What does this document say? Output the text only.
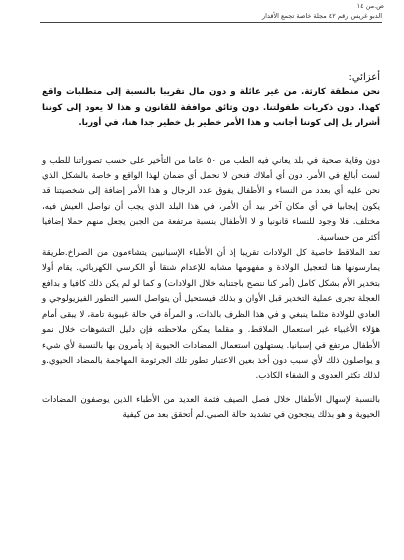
ص.من ١٤
الدبو غريس رقم ٤٢ مجلة خاصة تجمع الأقدار

أعزائي:

نحن منطقة كارثة. من غير عائلة و دون مال تقريبا بالنسبة إلى متطلبات واقع كهذا. دون ذكريات طفولتنا. دون وثائق موافقة للقانون و هذا لا يعود إلى كوننا أشرار بل إلى كوننا أجانب و هذا الأمر خطير بل خطير جدا هنا، في أوربا.

دون وقاية صحية في بلد يعاني فيه الطب من ٥٠ عاما من التأخير على حسب تصوراتنا للطب و لست أبالغ في الأمر. دون أي أملاك فنحن لا نحمل أي ضمان لهذا الواقع و خاصة بالشكل الذي نحن عليه أي بعدد من النساء و الأطفال يفوق عدد الرجال و هذا الأمر إضافة إلى شخصيتنا قد يكون إيجابيا في أي مكان آخر بيد أن الأمر، في هذا البلد الذي يجب أن نواصل العيش فيه، مختلف. فلا وجود للنساء قانونيا و لا الأطفال بنسبة مرتفعة من الجبن يجعل منهم حملا إضافيا أكثر من حساسية.

تعد الملاقط خاصية كل الولادات تقريبا إذ أن الأطباء الإسبانيين يتشاءمون من الصراخ.طريقة يمارسونها هنا لتعجيل الولادة و مفهومها مشابه للإعدام شنقا أو الكرسي الكهربائي. يقام أولا بتخدير الأم بشكل كامل (أمر كنا ننصح باجتنابه خلال الولادات) و كما لو لم يكن ذلك كافيا و بدافع العجلة تجرى عملية التخدير قبل الأوان و بذلك فيستحيل أن يتواصل السير التطور الفيزيولوجي و العادي للولادة مثلما ينبغي و في هذا الظرف بالذات، و المرأة في حالة غيبوبة تامة، لا يبقى أمام هؤلاء الأغبياء غير استعمال الملاقط. و مقلما يمكن ملاحظته فإن دليل التشوهات خلال نمو الأطفال مرتفع في إسبانيا. يستهلون استعمال المضادات الحيوية إذ يأمرون بها بالنسبة لأي شيء و يواصلون ذلك لأي سبب دون أخذ بعين الاعتبار تطور تلك الجرثومة المهاجمة بالمضاد الحيوي.و لذلك تكثر العدوى و الشفاء الكاذب.

بالنسبة لإسهال الأطفال خلال فصل الصيف فثمة العديد من الأطباء الذين يوصفون المضادات الحيوية و هو بذلك ينجحون في تشديد حالة الصبي.لم أتحقق بعد من كيفية
